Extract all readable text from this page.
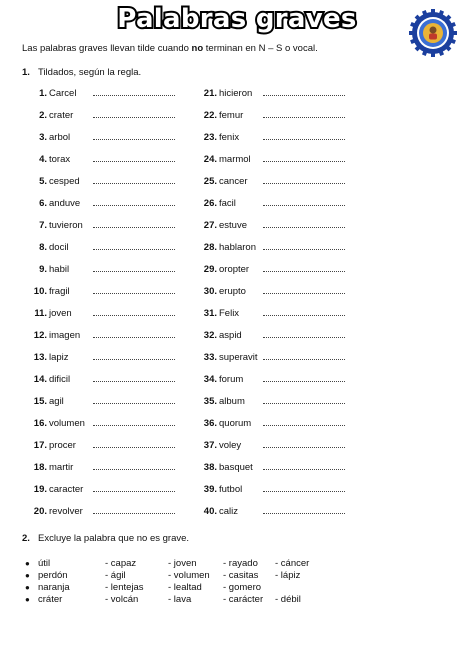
Palabras graves
Las palabras graves llevan tilde cuando no terminan en N – S o vocal.
1. Tildados, según la regla.
1. Carcel
2. crater
3. arbol
4. torax
5. cesped
6. anduve
7. tuvieron
8. docil
9. habil
10. fragil
11. joven
12. imagen
13. lapiz
14. dificil
15. agil
16. volumen
17. procer
18. martir
19. caracter
20. revolver
21. hicieron
22. femur
23. fenix
24. marmol
25. cancer
26. facil
27. estuve
28. hablaron
29. oropter
30. erupto
31. Felix
32. aspid
33. superavit
34. forum
35. album
36. quorum
37. voley
38. basquet
39. futbol
40. caliz
2. Excluye la palabra que no es grave.
● útil	- capaz	- joven	- rayado - cáncer
● perdón	- ágil	- volumen - casitas - lápiz
● naranja	- lentejas	- lealtad - gomero
● cráter	- volcán	- lava	- carácter - débil
